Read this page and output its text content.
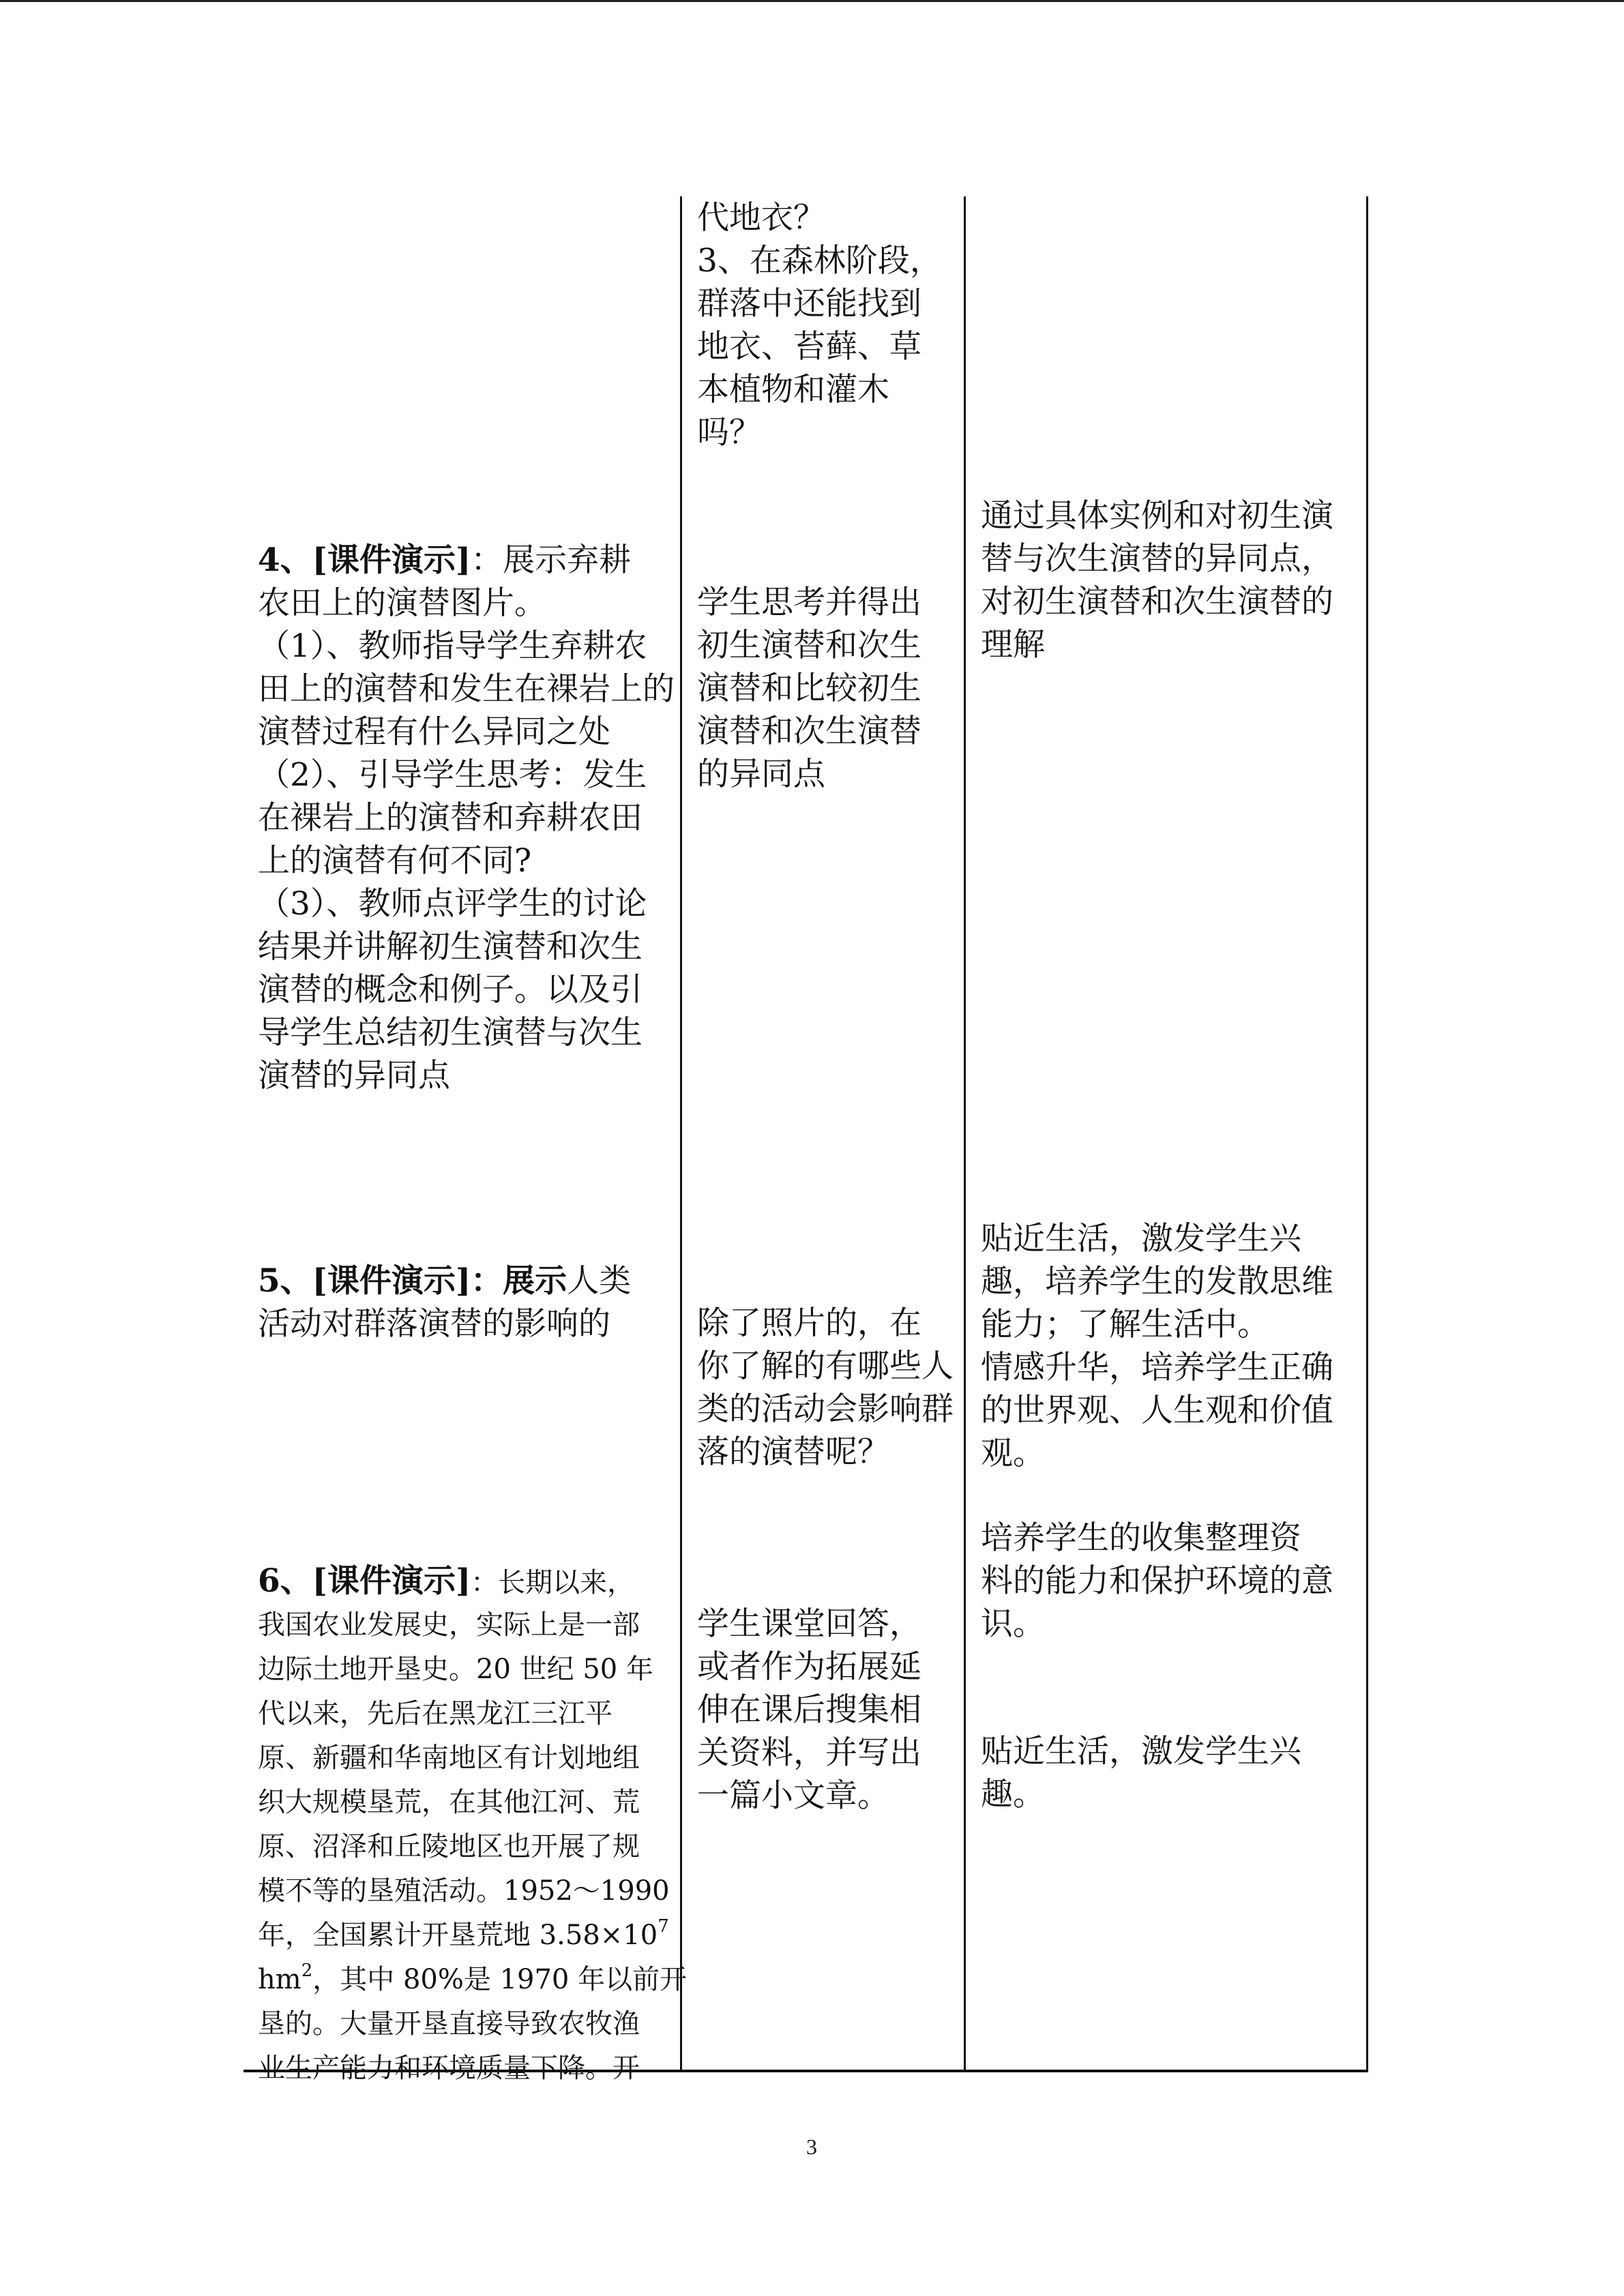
代地衣？
3、在森林阶段，
群落中还能找到
地衣、苔藓、草
本植物和灌木
吗？
4、[课件演示]：展示弃耕
农田上的演替图片。
（1）、教师指导学生弃耕农
田上的演替和发生在裸岩上的
演替过程有什么异同之处
（2）、引导学生思考：发生
在裸岩上的演替和弃耕农田
上的演替有何不同?
（3）、教师点评学生的讨论
结果并讲解初生演替和次生
演替的概念和例子。以及引
导学生总结初生演替与次生
演替的异同点
学生思考并得出
初生演替和次生
演替和比较初生
演替和次生演替
的异同点
通过具体实例和对初生演
替与次生演替的异同点，
对初生演替和次生演替的
理解
5、[课件演示]：展示人类
活动对群落演替的影响的	除了照片的，在
你了解的有哪些人
类的活动会影响群
落的演替呢？
贴近生活，激发学生兴
趣，培养学生的发散思维
能力；了解生活中。
情感升华，培养学生正确
的世界观、人生观和价值
观。
6、[课件演示]：长期以来，
我国农业发展史，实际上是一部
边际土地开垦史。20 世纪 50 年
代以来，先后在黑龙江三江平
原、新疆和华南地区有计划地组
织大规模垦荒，在其他江河、荒
原、沼泽和丘陵地区也开展了规
模不等的垦殖活动。1952～1990
年，全国累计开垦荒地 $3.58\times 10^7$
$hm^2$，其中 80%是 1970 年以前开
垦的。大量开垦直接导致农牧渔
业生产能力和环境质量下降。开
学生课堂回答，
或者作为拓展延
伸在课后搜集相
关资料，并写出
一篇小文章。
培养学生的收集整理资
料的能力和保护环境的意
识。
贴近生活，激发学生兴
趣。
3
